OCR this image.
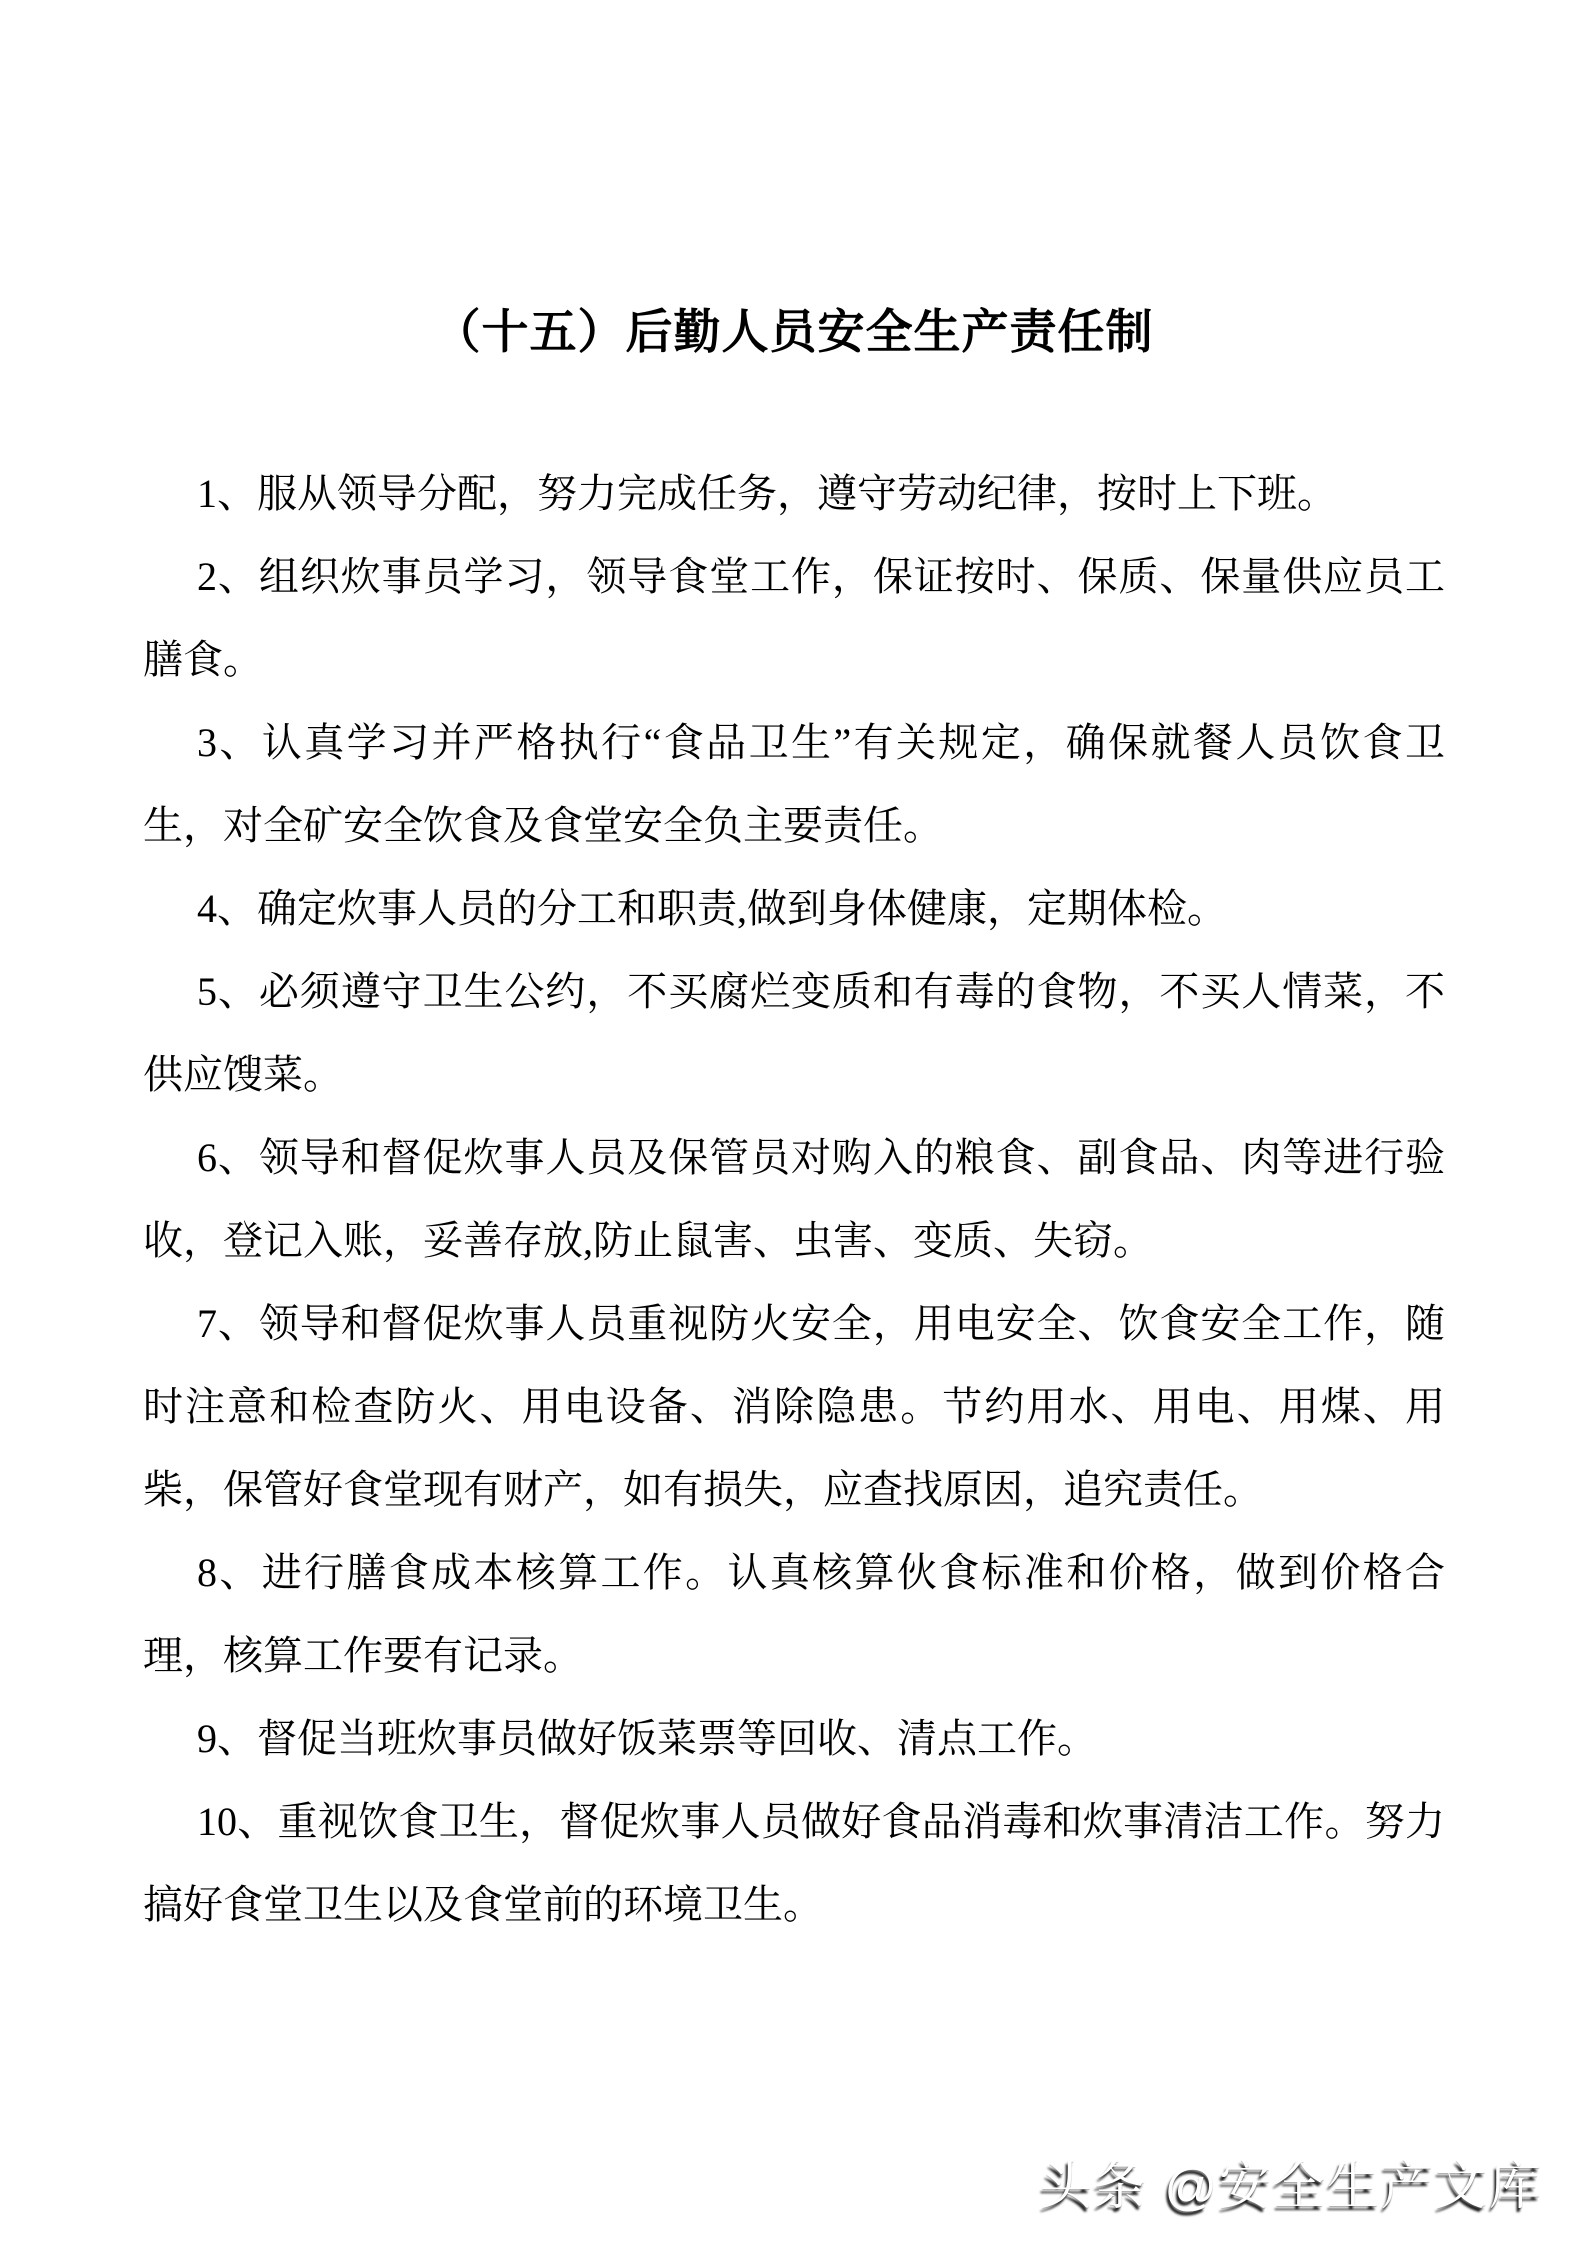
（十五）后勤人员安全生产责任制

1、服从领导分配，努力完成任务，遵守劳动纪律，按时上下班。

2、组织炊事员学习，领导食堂工作，保证按时、保质、保量供应员工膳食。

3、认真学习并严格执行“食品卫生”有关规定，确保就餐人员饮食卫生，对全矿安全饮食及食堂安全负主要责任。

4、确定炊事人员的分工和职责,做到身体健康，定期体检。

5、必须遵守卫生公约，不买腐烂变质和有毒的食物，不买人情菜，不供应馊菜。

6、领导和督促炊事人员及保管员对购入的粮食、副食品、肉等进行验收，登记入账，妥善存放,防止鼠害、虫害、变质、失窃。

7、领导和督促炊事人员重视防火安全，用电安全、饮食安全工作，随时注意和检查防火、用电设备、消除隐患。节约用水、用电、用煤、用柴，保管好食堂现有财产，如有损失，应查找原因，追究责任。

8、进行膳食成本核算工作。认真核算伙食标准和价格，做到价格合理，核算工作要有记录。

9、督促当班炊事员做好饭菜票等回收、清点工作。

10、重视饮食卫生，督促炊事人员做好食品消毒和炊事清洁工作。努力搞好食堂卫生以及食堂前的环境卫生。

头条 @安全生产文库
